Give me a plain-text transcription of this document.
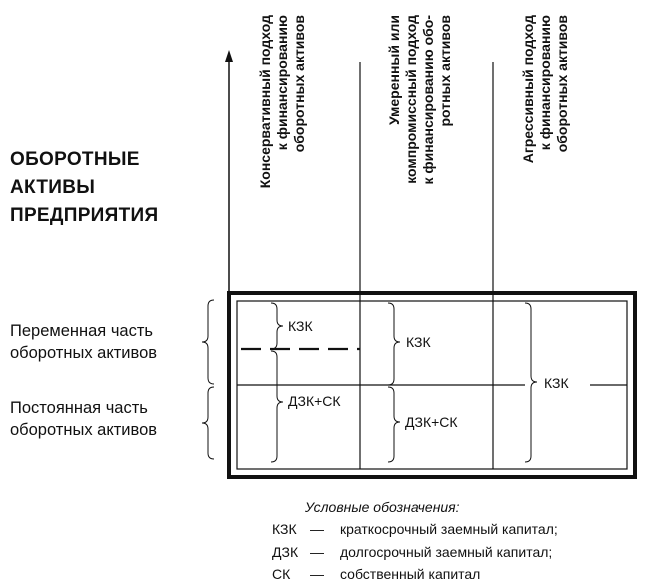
ОБОРОТНЫЕ
АКТИВЫ
ПРЕДПРИЯТИЯ
Переменная часть
оборотных активов
Постоянная часть
оборотных активов
Консервативный подход
к финансированию
оборотных активов
Умеренный или
компромиссный подход
к финансированию обо-
ротных активов
Агрессивный подход
к финансированию
оборотных активов
КЗК
ДЗК+СК
КЗК
ДЗК+СК
КЗК
Условные обозначения:
КЗК — краткосрочный заемный капитал;
ДЗК — долгосрочный заемный капитал;
СК — собственный капитал
